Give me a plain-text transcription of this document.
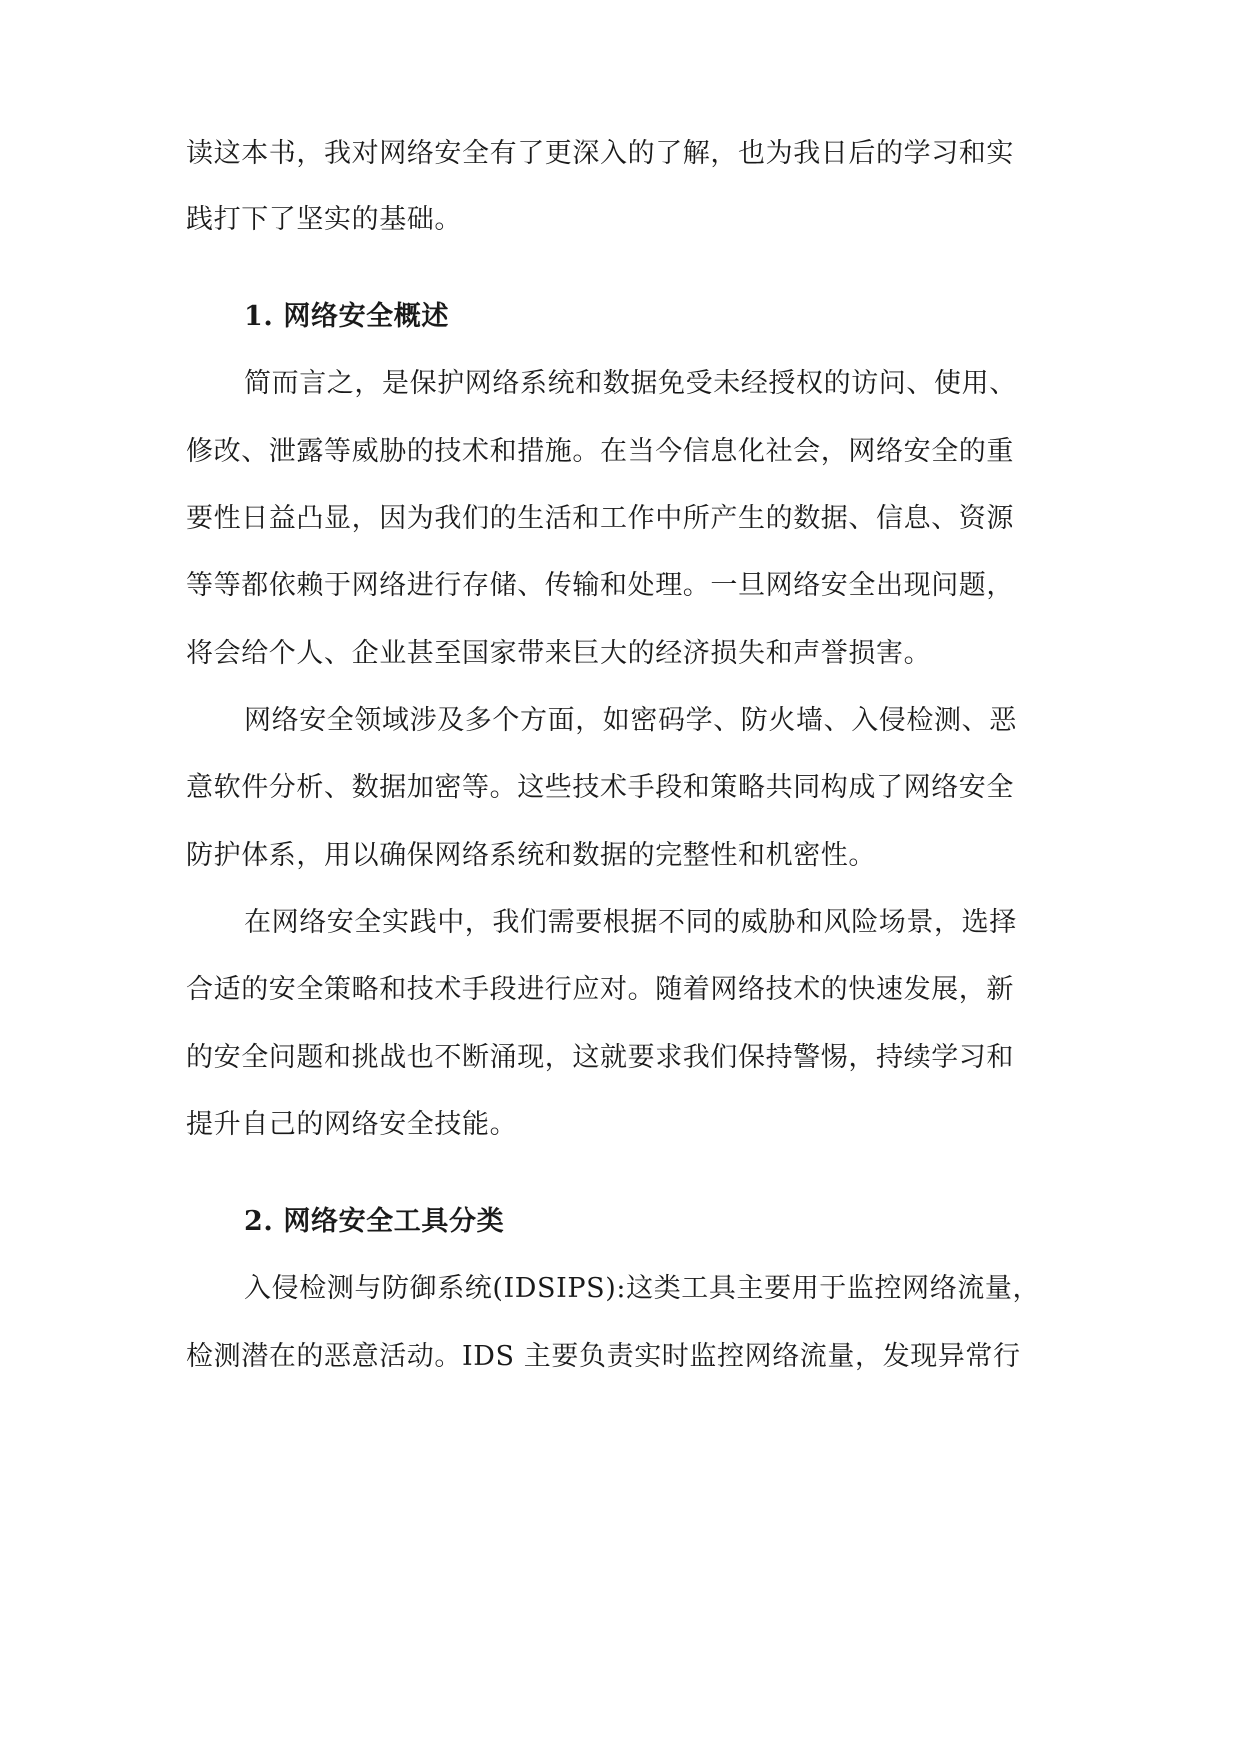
读这本书，我对网络安全有了更深入的了解，也为我日后的学习和实
践打下了坚实的基础。
1. 网络安全概述
简而言之，是保护网络系统和数据免受未经授权的访问、使用、
修改、泄露等威胁的技术和措施。在当今信息化社会，网络安全的重
要性日益凸显，因为我们的生活和工作中所产生的数据、信息、资源
等等都依赖于网络进行存储、传输和处理。一旦网络安全出现问题，
将会给个人、企业甚至国家带来巨大的经济损失和声誉损害。
网络安全领域涉及多个方面，如密码学、防火墙、入侵检测、恶
意软件分析、数据加密等。这些技术手段和策略共同构成了网络安全
防护体系，用以确保网络系统和数据的完整性和机密性。
在网络安全实践中，我们需要根据不同的威胁和风险场景，选择
合适的安全策略和技术手段进行应对。随着网络技术的快速发展，新
的安全问题和挑战也不断涌现，这就要求我们保持警惕，持续学习和
提升自己的网络安全技能。
2. 网络安全工具分类
入侵检测与防御系统(IDSIPS):这类工具主要用于监控网络流量，
检测潜在的恶意活动。IDS 主要负责实时监控网络流量，发现异常行
